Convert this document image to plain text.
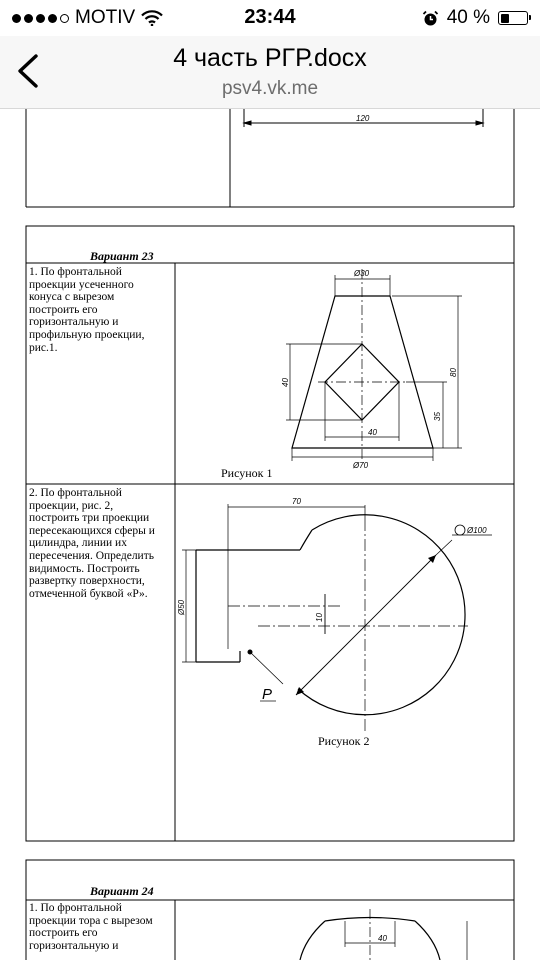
MOTIV	23:44	40 %
4 часть РГР.docx
psv4.vk.me
120
Ø30
Ø70
80
40
40
35
70
Ø100
Ø50
10
P
40
Вариант 23
1. По фронтальной
проекции усеченного
конуса с вырезом
построить его
горизонтальную и
профильную проекции,
рис.1.
Рисунок 1
2. По фронтальной
проекции, рис. 2,
построить три проекции
пересекающихся сферы и
цилиндра, линии их
пересечения. Определить
видимость. Построить
развертку поверхности,
отмеченной буквой «Р».
Рисунок 2
Вариант 24
1. По фронтальной
проекции тора с вырезом
построить его
горизонтальную и
